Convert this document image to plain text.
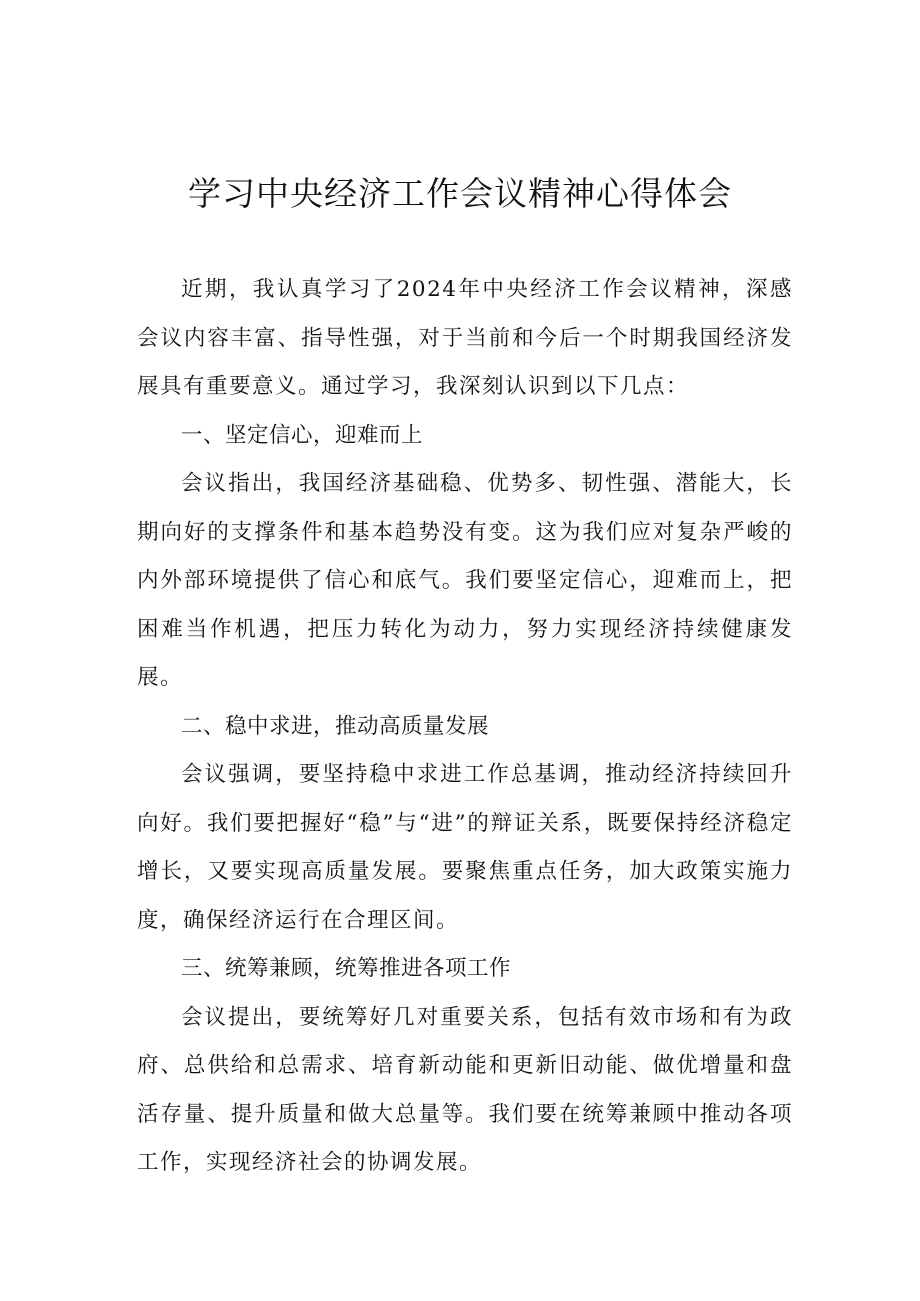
学习中央经济工作会议精神心得体会

近期，我认真学习了2024年中央经济工作会议精神，深感会议内容丰富、指导性强，对于当前和今后一个时期我国经济发展具有重要意义。通过学习，我深刻认识到以下几点：

一、坚定信心，迎难而上

会议指出，我国经济基础稳、优势多、韧性强、潜能大，长期向好的支撑条件和基本趋势没有变。这为我们应对复杂严峻的内外部环境提供了信心和底气。我们要坚定信心，迎难而上，把困难当作机遇，把压力转化为动力，努力实现经济持续健康发展。

二、稳中求进，推动高质量发展

会议强调，要坚持稳中求进工作总基调，推动经济持续回升向好。我们要把握好“稳”与“进”的辩证关系，既要保持经济稳定增长，又要实现高质量发展。要聚焦重点任务，加大政策实施力度，确保经济运行在合理区间。

三、统筹兼顾，统筹推进各项工作

会议提出，要统筹好几对重要关系，包括有效市场和有为政府、总供给和总需求、培育新动能和更新旧动能、做优增量和盘活存量、提升质量和做大总量等。我们要在统筹兼顾中推动各项工作，实现经济社会的协调发展。
